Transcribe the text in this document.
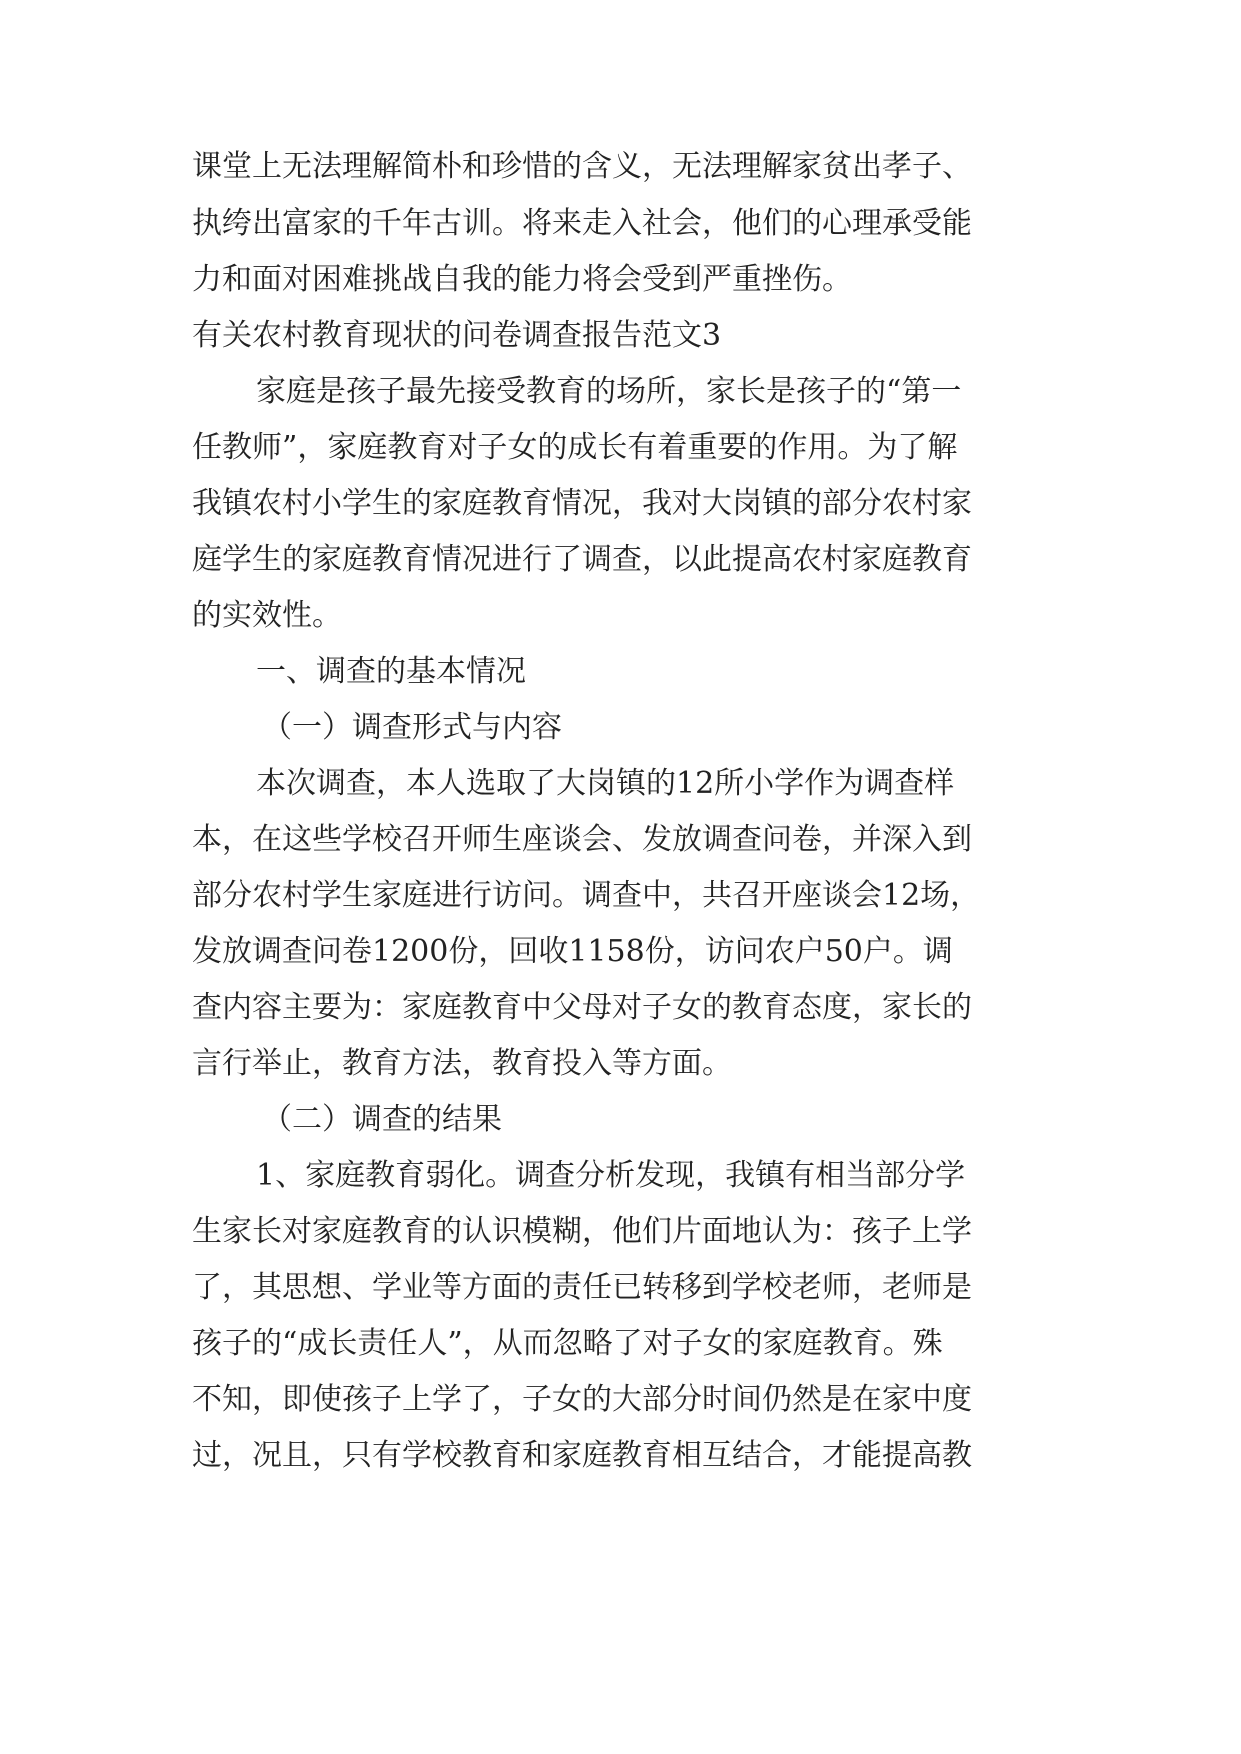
课堂上无法理解简朴和珍惜的含义，无法理解家贫出孝子、
执绔出富家的千年古训。将来走入社会，他们的心理承受能
力和面对困难挑战自我的能力将会受到严重挫伤。
有关农村教育现状的问卷调查报告范文3
家庭是孩子最先接受教育的场所，家长是孩子的“第一
任教师”，家庭教育对子女的成长有着重要的作用。为了解
我镇农村小学生的家庭教育情况，我对大岗镇的部分农村家
庭学生的家庭教育情况进行了调查，以此提高农村家庭教育
的实效性。
一、调查的基本情况
（一）调查形式与内容
本次调查，本人选取了大岗镇的12所小学作为调查样
本，在这些学校召开师生座谈会、发放调查问卷，并深入到
部分农村学生家庭进行访问。调查中，共召开座谈会12场，
发放调查问卷1200份，回收1158份，访问农户50户。调
查内容主要为：家庭教育中父母对子女的教育态度，家长的
言行举止，教育方法，教育投入等方面。
（二）调查的结果
1、家庭教育弱化。调查分析发现，我镇有相当部分学
生家长对家庭教育的认识模糊，他们片面地认为：孩子上学
了，其思想、学业等方面的责任已转移到学校老师，老师是
孩子的“成长责任人”，从而忽略了对子女的家庭教育。殊
不知，即使孩子上学了，子女的大部分时间仍然是在家中度
过，况且，只有学校教育和家庭教育相互结合，才能提高教
